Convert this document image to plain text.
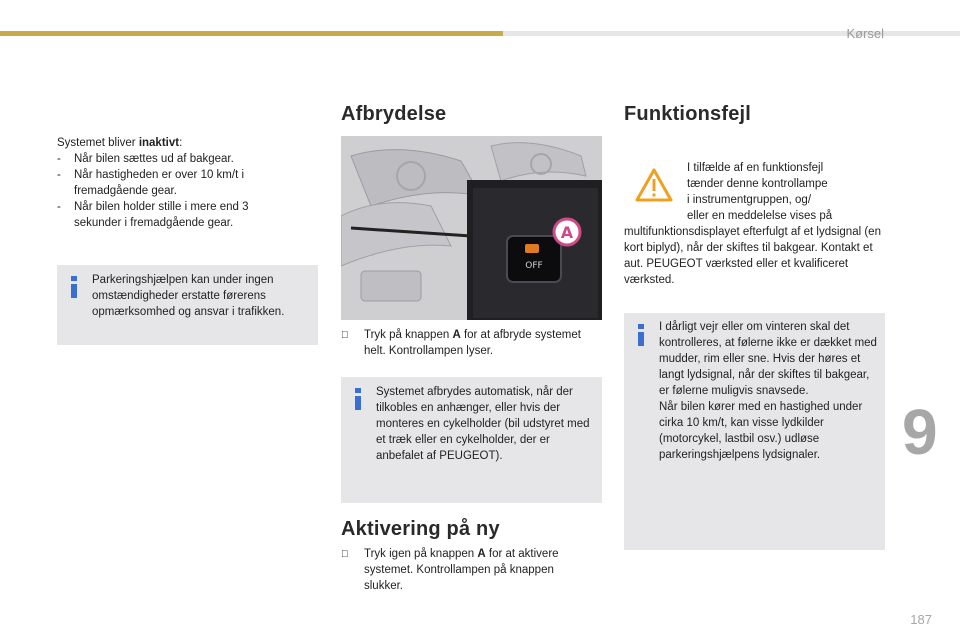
Kørsel
9
187

Systemet bliver inaktivt:

-	Når bilen sættes ud af bakgear.
-	Når hastigheden er over 10 km/t i fremadgående gear.
-	Når bilen holder stille i mere end 3 sekunder i fremadgående gear.
Parkeringshjælpen kan under ingen omstændigheder erstatte førerens opmærksomhed og ansvar i trafikken.
Afbrydelse
OFF
A
Tryk på knappen A for at afbryde systemet helt. Kontrollampen lyser.
Systemet afbrydes automatisk, når der tilkobles en anhænger, eller hvis der monteres en cykelholder (bil udstyret med et træk eller en cykelholder, der er anbefalet af PEUGEOT).
Aktivering på ny
Tryk igen på knappen A for at aktivere systemet. Kontrollampen på knappen slukker.
Funktionsfejl

I tilfælde af en funktionsfejl

tænder denne kontrollampe

i instrumentgruppen, og/

eller en meddelelse vises på

multifunktionsdisplayet efterfulgt af et lydsignal (en kort biplyd), når der skiftes til bakgear. Kontakt et aut. PEUGEOT værksted eller et kvalificeret værksted.

I dårligt vejr eller om vinteren skal det kontrolleres, at følerne ikke er dækket med mudder, rim eller sne. Hvis der høres et langt lydsignal, når der skiftes til bakgear, er følerne muligvis snavsede.

Når bilen kører med en hastighed under cirka 10 km/t, kan visse lydkilder (motorcykel, lastbil osv.) udløse parkeringshjælpens lydsignaler.
